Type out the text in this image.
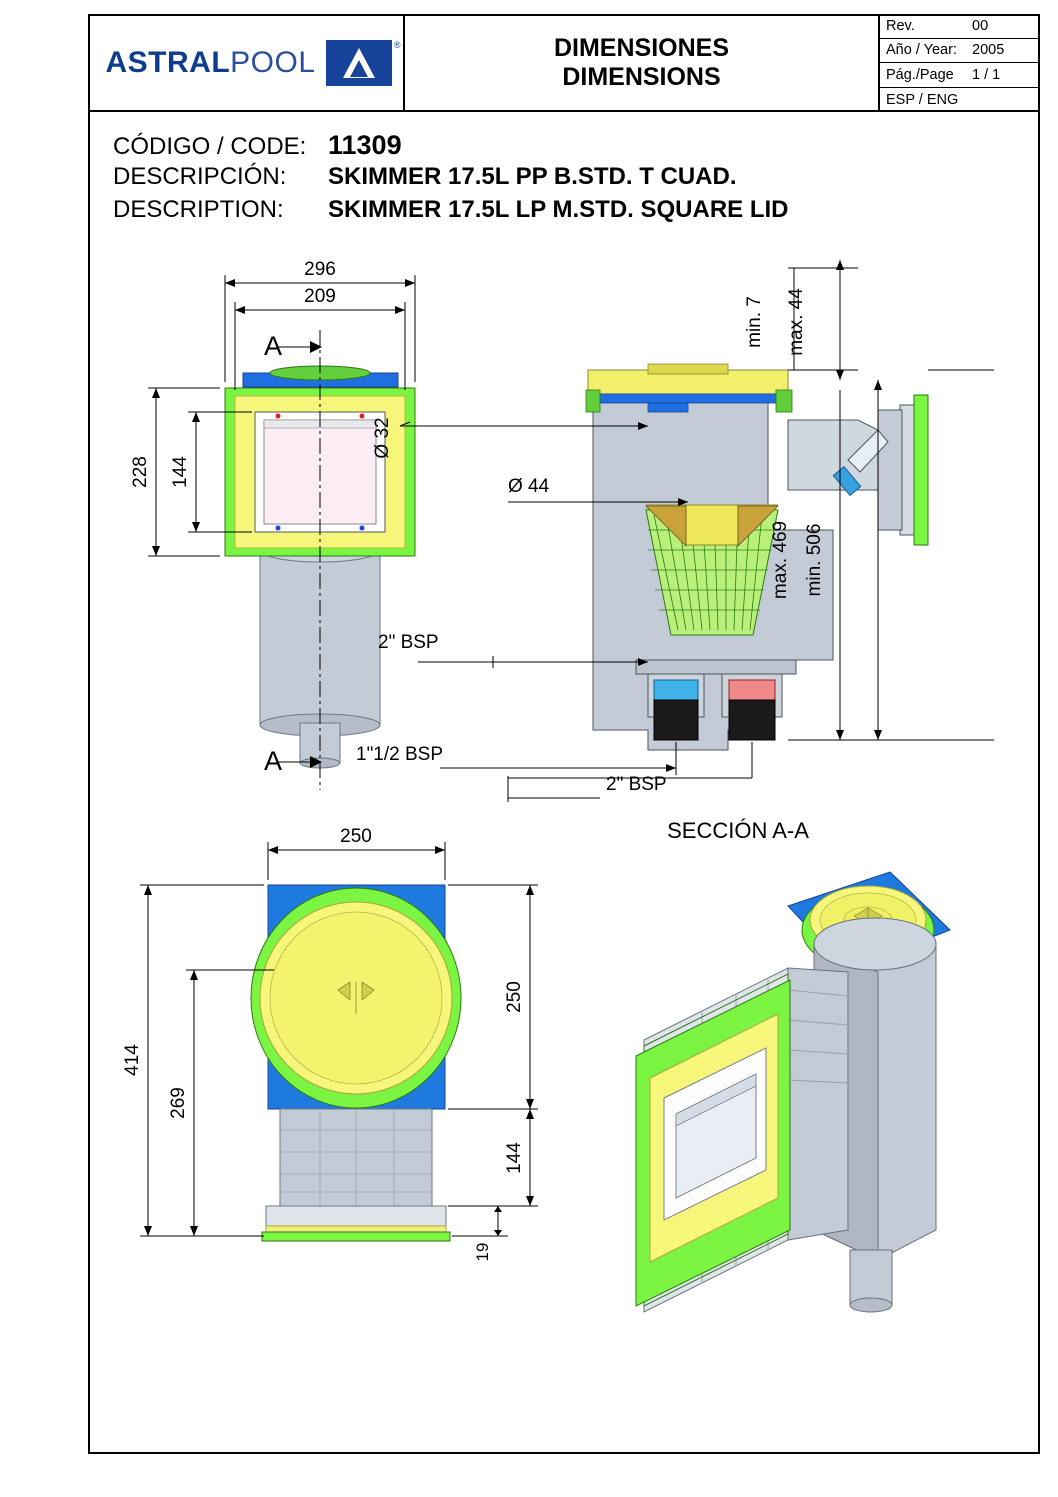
ASTRALPOOL
®	DIMENSIONES
DIMENSIONS
Rev.	00
Año / Year:	2005
Pág./Page	1 / 1
ESP / ENG
CÓDIGO / CODE: 11309
DESCRIPCIÓN:	SKIMMER 17.5L PP B.STD. T CUAD.
DESCRIPTION:	SKIMMER 17.5L LP M.STD. SQUARE LID
296
209
A
A
228 144
Ø 32
Ø 44
min. 7 max. 44
max. 469 min. 506
2" BSP
1"1/2 BSP
2" BSP
SECCIÓN A-A
250
414
269
250
144
19
